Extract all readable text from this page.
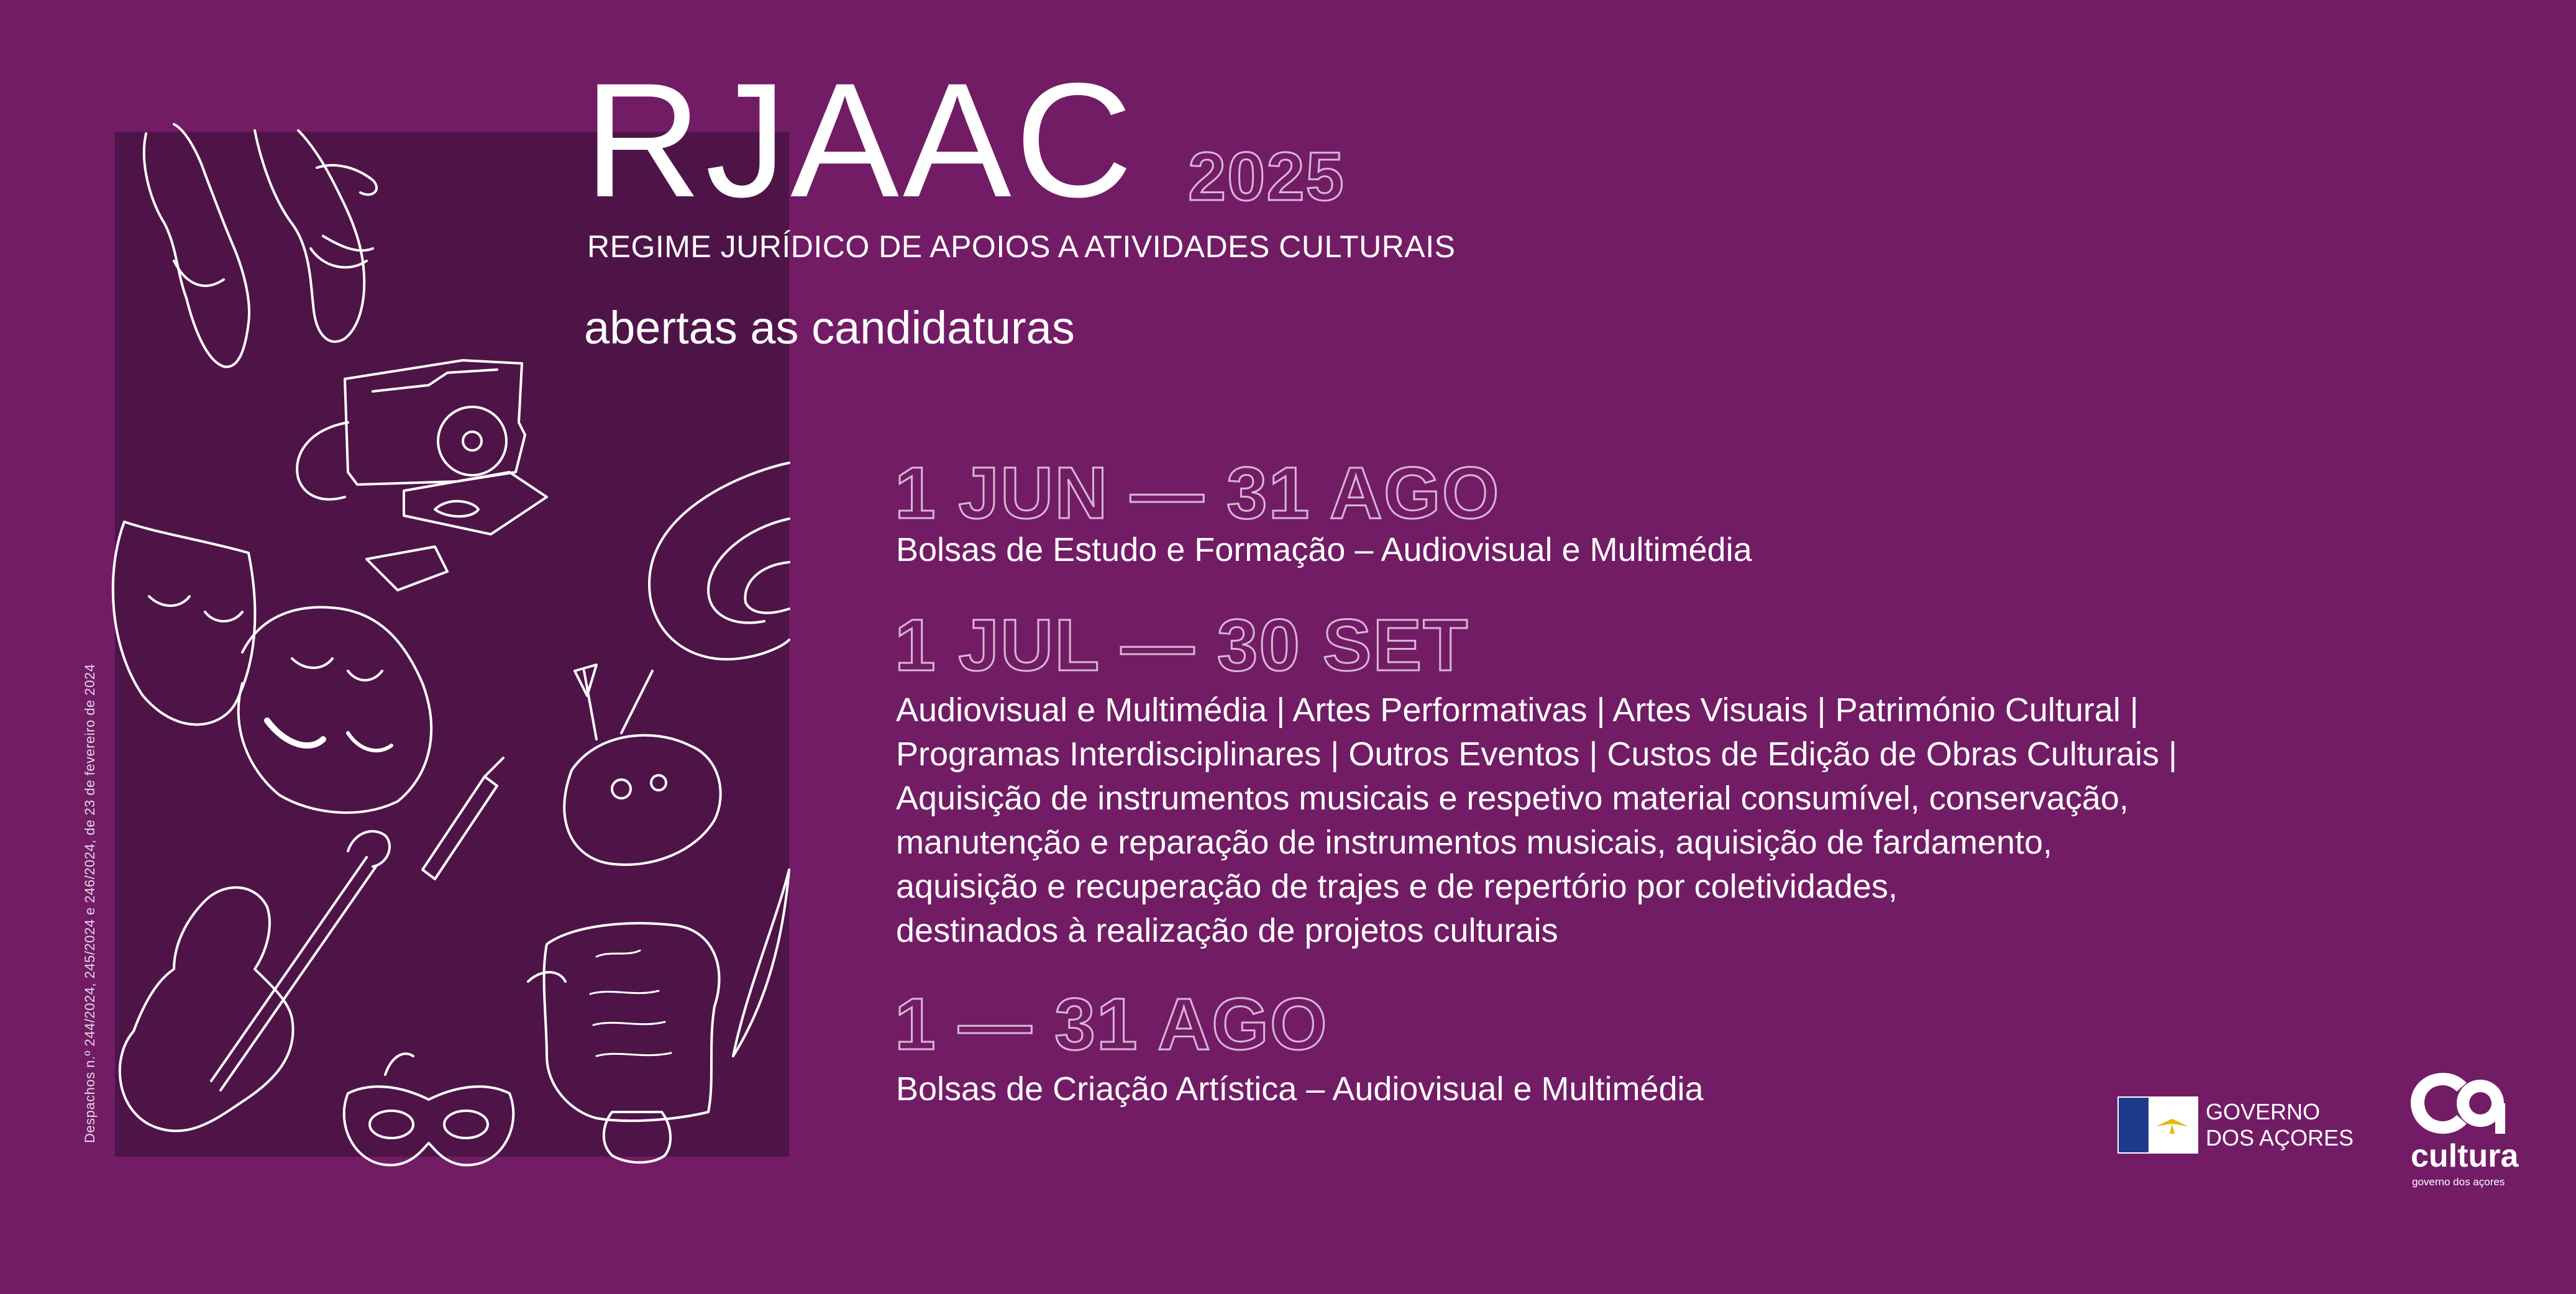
Despachos n.º 244/2024, 245/2024 e 246/2024, de 23 de fevereiro de 2024
RJAAC 2025
REGIME JURÍDICO DE APOIOS A ATIVIDADES CULTURAIS
abertas as candidaturas
1 JUN — 31 AGO
Bolsas de Estudo e Formação – Audiovisual e Multimédia
1 JUL — 30 SET
Audiovisual e Multimédia | Artes Performativas | Artes Visuais | Património Cultural |
Programas Interdisciplinares | Outros Eventos | Custos de Edição de Obras Culturais |
Aquisição de instrumentos musicais e respetivo material consumível, conservação,
manutenção e reparação de instrumentos musicais, aquisição de fardamento,
aquisição e recuperação de trajes e de repertório por coletividades,
destinados à realização de projetos culturais
1 — 31 AGO
Bolsas de Criação Artística – Audiovisual e Multimédia
GOVERNO
DOS AÇORES
cultura
governo dos açores
